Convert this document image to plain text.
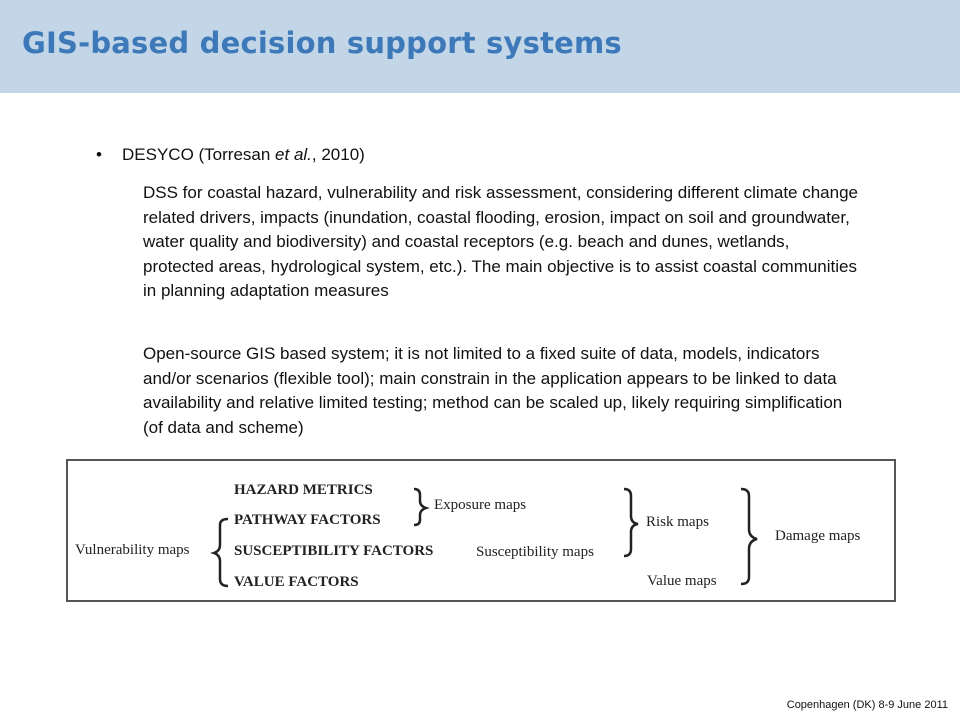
GIS-based decision support systems
• DESYCO (Torresan et al., 2010)
DSS for coastal hazard, vulnerability and risk assessment, considering different climate change related drivers, impacts (inundation, coastal flooding, erosion, impact on soil and groundwater, water quality and biodiversity) and coastal receptors (e.g. beach and dunes, wetlands, protected areas, hydrological system, etc.). The main objective is to assist coastal communities in planning adaptation measures
Open-source GIS based system; it is not limited to a fixed suite of data, models, indicators and/or scenarios (flexible tool); main constrain in the application appears to be linked to data availability and relative limited testing; method can be scaled up, likely requiring simplification (of data and scheme)
Vulnerability maps
HAZARD METRICS
PATHWAY FACTORS
SUSCEPTIBILITY FACTORS
VALUE FACTORS
Exposure maps
Susceptibility maps
Risk maps
Value maps
Damage maps
Copenhagen (DK) 8-9 June 2011
